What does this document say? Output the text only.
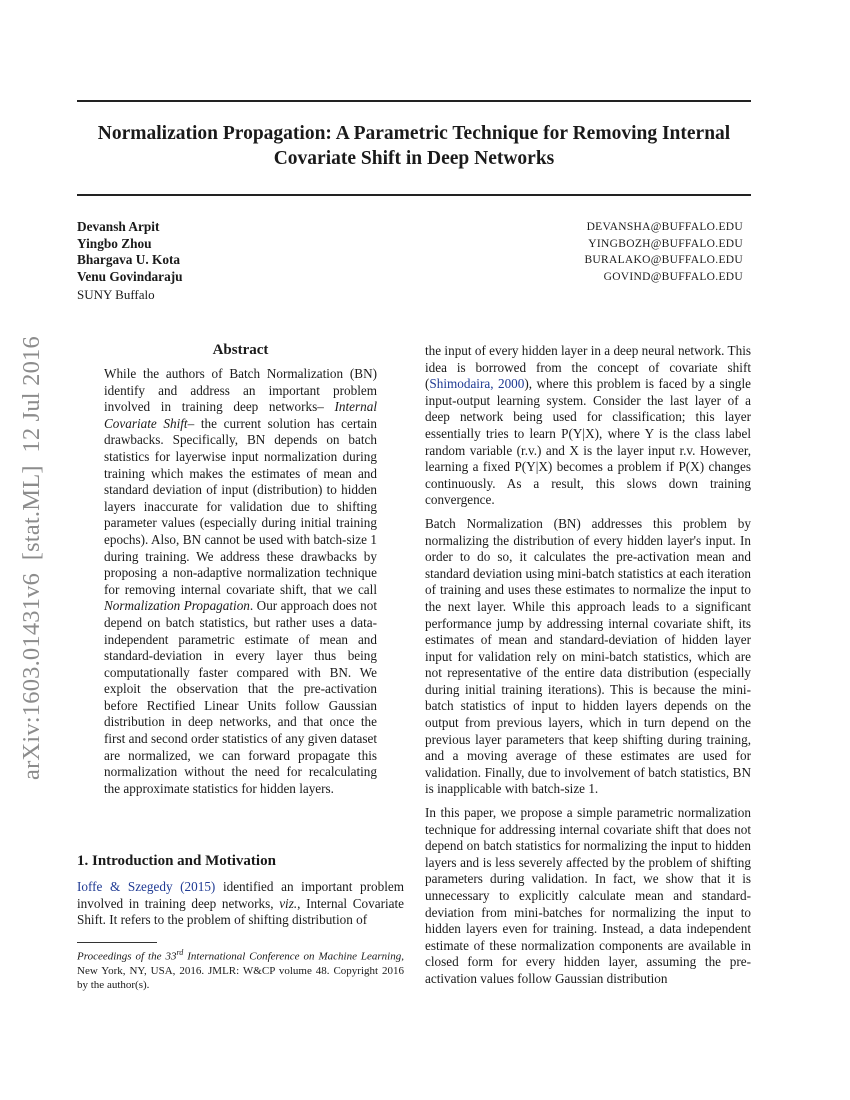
arXiv:1603.01431v6  [stat.ML]  12 Jul 2016
Normalization Propagation: A Parametric Technique for Removing Internal
Covariate Shift in Deep Networks
Devansh Arpit	DEVANSHA@BUFFALO.EDU
Yingbo Zhou	YINGBOZH@BUFFALO.EDU
Bhargava U. Kota	BURALAKO@BUFFALO.EDU
Venu Govindaraju	GOVIND@BUFFALO.EDU
SUNY Buffalo
Abstract
While the authors of Batch Normalization (BN) identify and address an important problem involved in training deep networks– Internal Covariate Shift– the current solution has certain drawbacks. Specifically, BN depends on batch statistics for layerwise input normalization during training which makes the estimates of mean and standard deviation of input (distribution) to hidden layers inaccurate for validation due to shifting parameter values (especially during initial training epochs). Also, BN cannot be used with batch-size 1 during training. We address these drawbacks by proposing a non-adaptive normalization technique for removing internal covariate shift, that we call Normalization Propagation. Our approach does not depend on batch statistics, but rather uses a data-independent parametric estimate of mean and standard-deviation in every layer thus being computationally faster compared with BN. We exploit the observation that the pre-activation before Rectified Linear Units follow Gaussian distribution in deep networks, and that once the first and second order statistics of any given dataset are normalized, we can forward propagate this normalization without the need for recalculating the approximate statistics for hidden layers.
1. Introduction and Motivation
Ioffe & Szegedy (2015) identified an important problem involved in training deep networks, viz., Internal Covariate Shift. It refers to the problem of shifting distribution of
Proceedings of the 33rd International Conference on Machine Learning, New York, NY, USA, 2016. JMLR: W&CP volume 48. Copyright 2016 by the author(s).

the input of every hidden layer in a deep neural network. This idea is borrowed from the concept of covariate shift (Shimodaira, 2000), where this problem is faced by a single input-output learning system. Consider the last layer of a deep network being used for classification; this layer essentially tries to learn P(Y|X), where Y is the class label random variable (r.v.) and X is the layer input r.v. However, learning a fixed P(Y|X) becomes a problem if P(X) changes continuously. As a result, this slows down training convergence.

Batch Normalization (BN) addresses this problem by normalizing the distribution of every hidden layer's input. In order to do so, it calculates the pre-activation mean and standard deviation using mini-batch statistics at each iteration of training and uses these estimates to normalize the input to the next layer. While this approach leads to a significant performance jump by addressing internal covariate shift, its estimates of mean and standard-deviation of hidden layer input for validation rely on mini-batch statistics, which are not representative of the entire data distribution (especially during initial training iterations). This is because the mini-batch statistics of input to hidden layers depends on the output from previous layers, which in turn depend on the previous layer parameters that keep shifting during training, and a moving average of these estimates are used for validation. Finally, due to involvement of batch statistics, BN is inapplicable with batch-size 1.

In this paper, we propose a simple parametric normalization technique for addressing internal covariate shift that does not depend on batch statistics for normalizing the input to hidden layers and is less severely affected by the problem of shifting parameters during validation. In fact, we show that it is unnecessary to explicitly calculate mean and standard-deviation from mini-batches for normalizing the input to hidden layers even for training. Instead, a data independent estimate of these normalization components are available in closed form for every hidden layer, assuming the pre-activation values follow Gaussian distribution
